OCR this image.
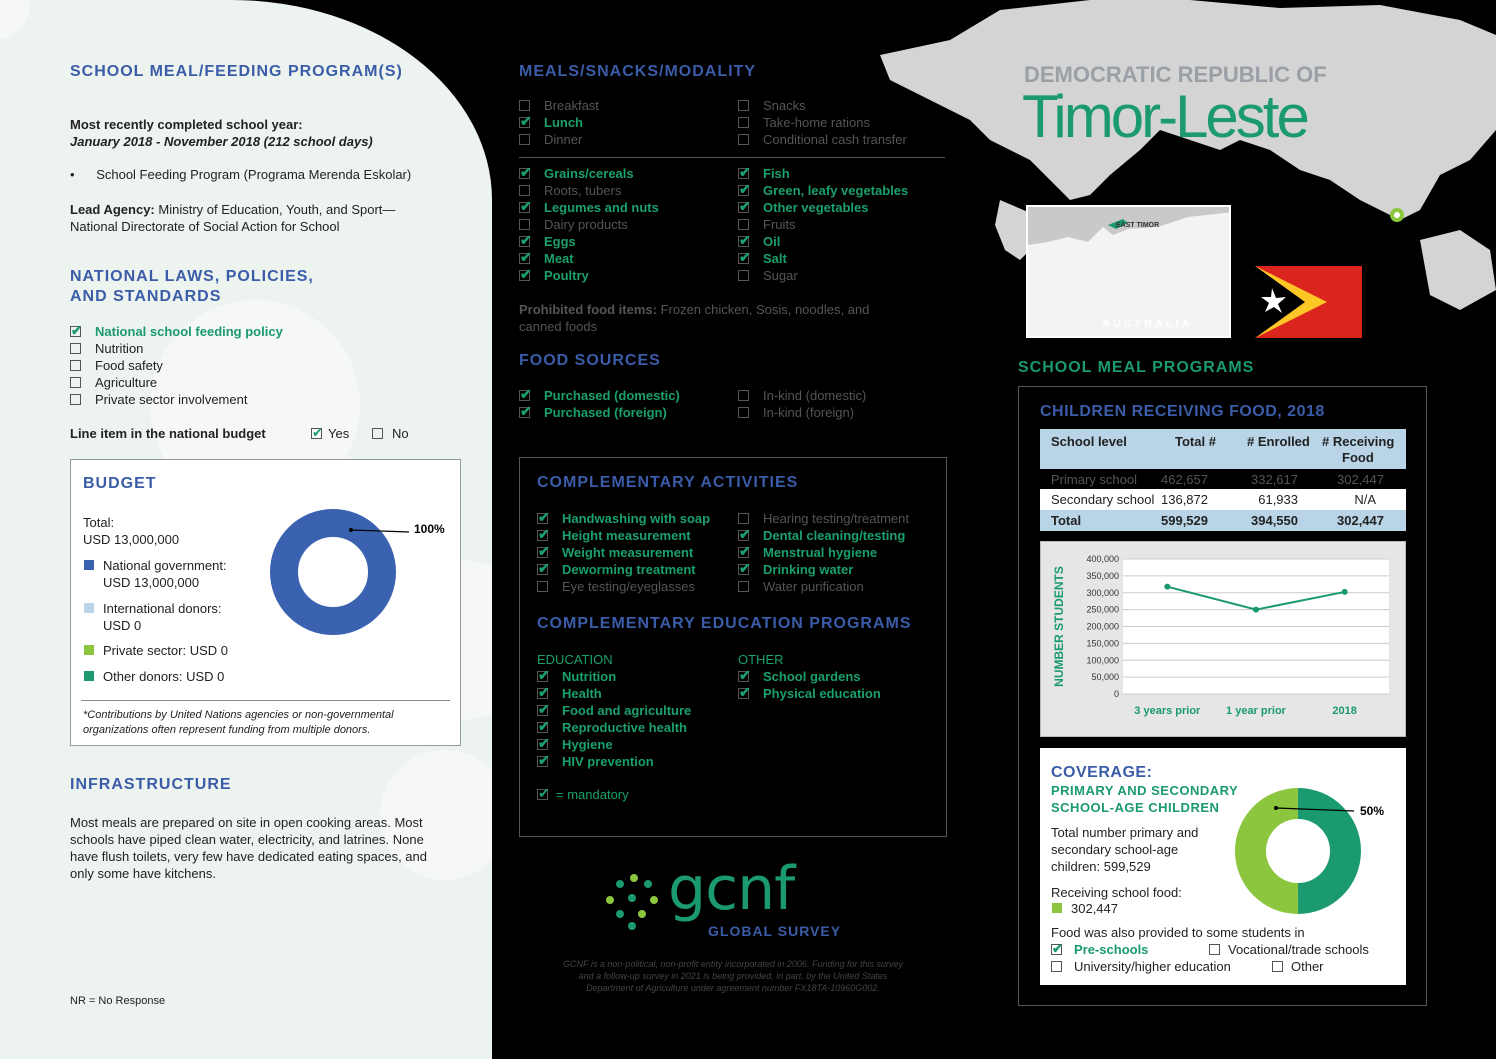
SCHOOL MEAL/FEEDING PROGRAM(S)
Most recently completed school year:
January 2018 - November 2018 (212 school days)
• School Feeding Program (Programa Merenda Eskolar)
Lead Agency: Ministry of Education, Youth, and Sport—
National Directorate of Social Action for School
NATIONAL LAWS, POLICIES,
AND STANDARDS
✔National school feeding policy
Nutrition
Food safety
Agriculture
Private sector involvement
Line item in the national budget
✔	Yes	No
BUDGET
Total:
USD 13,000,000
National government:
USD 13,000,000
International donors:
USD 0
Private sector: USD 0
Other donors: USD 0
100%
*Contributions by United Nations agencies or non-governmental
organizations often represent funding from multiple donors.
INFRASTRUCTURE
Most meals are prepared on site in open cooking areas. Most
schools have piped clean water, electricity, and latrines. None
have flush toilets, very few have dedicated eating spaces, and
only some have kitchens.
NR = No Response
MEALS/SNACKS/MODALITY
Breakfast
✔Lunch
Dinner
Snacks
Take-home rations
Conditional cash transfer
✔Grains/cereals
Roots, tubers
✔Legumes and nuts
Dairy products
✔Eggs
✔Meat
✔Poultry
✔Fish
✔Green, leafy vegetables
✔Other vegetables
Fruits
✔Oil
✔Salt
Sugar
Prohibited food items: Frozen chicken, Sosis, noodles, and
canned foods
FOOD SOURCES
✔Purchased (domestic)
✔Purchased (foreign)
In-kind (domestic)
In-kind (foreign)
COMPLEMENTARY ACTIVITIES
✔Handwashing with soap
✔Height measurement
✔Weight measurement
✔Deworming treatment
Eye testing/eyeglasses
Hearing testing/treatment
✔Dental cleaning/testing
✔Menstrual hygiene
✔Drinking water
Water purification
COMPLEMENTARY EDUCATION PROGRAMS
EDUCATION	OTHER
✔Nutrition
✔Health
✔Food and agriculture
✔Reproductive health
✔Hygiene
✔HIV prevention
✔School gardens
✔Physical education
✔= mandatory
gcnf
GLOBAL SURVEY
GCNF is a non-political, non-profit entity incorporated in 2006. Funding for this survey
and a follow-up survey in 2021 is being provided, in part, by the United States
Department of Agriculture under agreement number FX18TA-10960G002.
DEMOCRATIC REPUBLIC OF
Timor-Leste
EAST TIMOR
AUSTRALIA
SCHOOL MEAL PROGRAMS
CHILDREN RECEIVING FOOD, 2018
School level	Total # # Enrolled # Receiving
Food
Primary school 462,657	332,617	302,447
Secondary school 136,872	61,933	N/A
Total	599,529	394,550	302,447
400,000
350,000
300,000
250,000
200,000
150,000
100,000
50,000
0
3 years prior 1 year prior	2018
NUMBER STUDENTS
COVERAGE:
PRIMARY AND SECONDARY
SCHOOL-AGE CHILDREN
Total number primary and
secondary school-age
children: 599,529
Receiving school food:
302,447
50%
Food was also provided to some students in
✔Pre-schools	Vocational/trade schools
University/higher education	Other
